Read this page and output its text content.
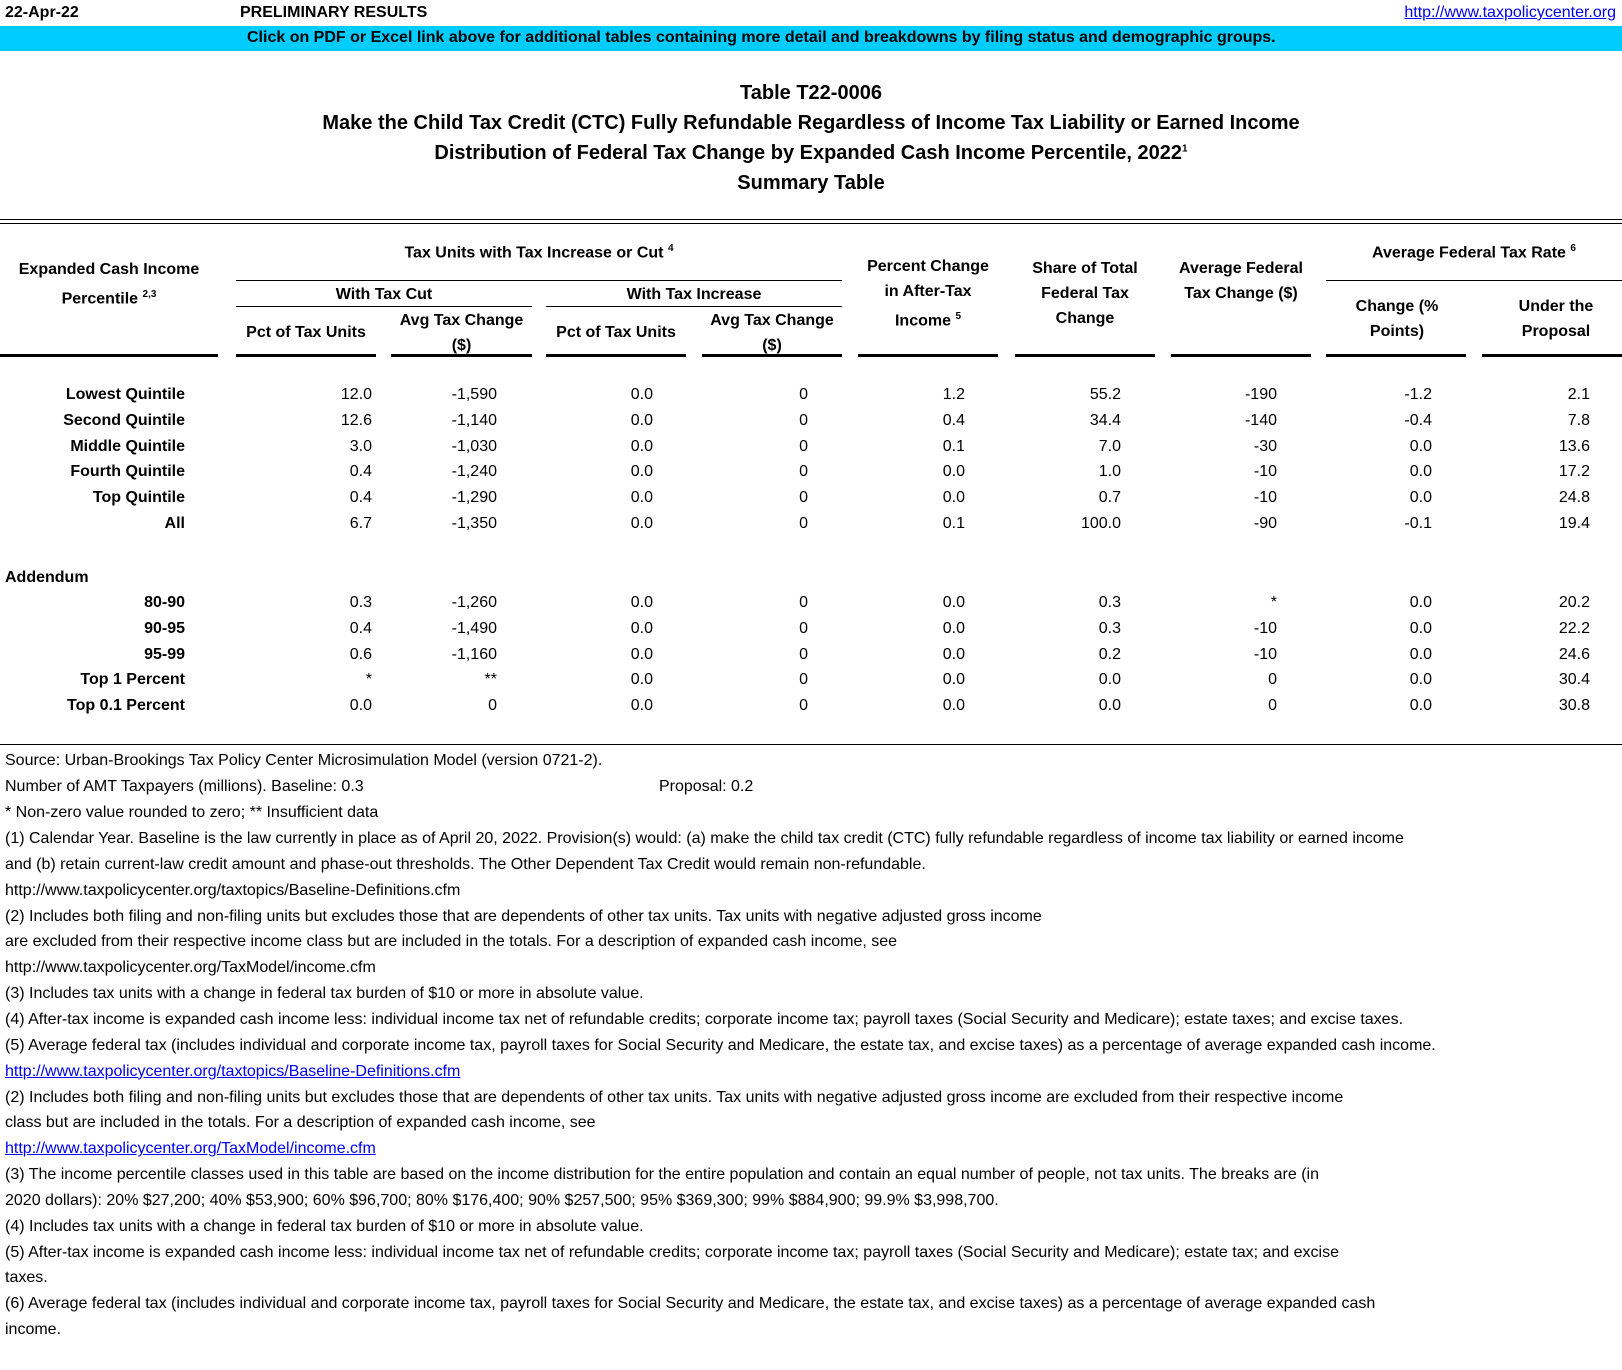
22-Apr-22	PRELIMINARY RESULTS	http://www.taxpolicycenter.org
Click on PDF or Excel link above for additional tables containing more detail and breakdowns by filing status and demographic groups.
Table T22-0006
Make the Child Tax Credit (CTC) Fully Refundable Regardless of Income Tax Liability or Earned Income
Distribution of Federal Tax Change by Expanded Cash Income Percentile, 2022$^1$
Summary Table
Expanded Cash Income Percentile $^{2,3}$
Tax Units with Tax Increase or Cut $^4$
With Tax Cut	With Tax Increase
Pct of Tax Units
Avg Tax Change ($)
Pct of Tax Units
Avg Tax Change ($)
Percent Change in After-Tax Income $^5$
Share of Total Federal Tax Change
Average Federal Tax Change ($)
Average Federal Tax Rate $^6$
Change (% Points)
Under the Proposal
Lowest Quintile	12.0	-1,590	0.0	0	1.2	55.2	-190	-1.2	2.1
Second Quintile	12.6	-1,140	0.0	0	0.4	34.4	-140	-0.4	7.8
Middle Quintile	3.0	-1,030	0.0	0	0.1	7.0	-30	0.0	13.6
Fourth Quintile	0.4	-1,240	0.0	0	0.0	1.0	-10	0.0	17.2
Top Quintile	0.4	-1,290	0.0	0	0.0	0.7	-10	0.0	24.8
All	6.7	-1,350	0.0	0	0.1	100.0	-90	-0.1	19.4
80-90	0.3	-1,260	0.0	0	0.0	0.3	*	0.0	20.2
90-95	0.4	-1,490	0.0	0	0.0	0.3	-10	0.0	22.2
95-99	0.6	-1,160	0.0	0	0.0	0.2	-10	0.0	24.6
Top 1 Percent	*	**	0.0	0	0.0	0.0	0	0.0	30.4
Top 0.1 Percent	0.0	0	0.0	0	0.0	0.0	0	0.0	30.8
Addendum
Source: Urban-Brookings Tax Policy Center Microsimulation Model (version 0721-2).
Number of AMT Taxpayers (millions). Baseline: 0.3	Proposal: 0.2
* Non-zero value rounded to zero; ** Insufficient data
(1) Calendar Year. Baseline is the law currently in place as of April 20, 2022. Provision(s) would: (a) make the child tax credit (CTC) fully refundable regardless of income tax liability or earned income
and (b) retain current-law credit amount and phase-out thresholds. The Other Dependent Tax Credit would remain non-refundable.
http://www.taxpolicycenter.org/taxtopics/Baseline-Definitions.cfm
(2) Includes both filing and non-filing units but excludes those that are dependents of other tax units. Tax units with negative adjusted gross income
are excluded from their respective income class but are included in the totals. For a description of expanded cash income, see
http://www.taxpolicycenter.org/TaxModel/income.cfm
(3) Includes tax units with a change in federal tax burden of $10 or more in absolute value.
(4) After-tax income is expanded cash income less: individual income tax net of refundable credits; corporate income tax; payroll taxes (Social Security and Medicare); estate taxes; and excise taxes.
(5) Average federal tax (includes individual and corporate income tax, payroll taxes for Social Security and Medicare, the estate tax, and excise taxes) as a percentage of average expanded cash income.
http://www.taxpolicycenter.org/taxtopics/Baseline-Definitions.cfm
(2) Includes both filing and non-filing units but excludes those that are dependents of other tax units. Tax units with negative adjusted gross income are excluded from their respective income
class but are included in the totals. For a description of expanded cash income, see
http://www.taxpolicycenter.org/TaxModel/income.cfm
(3) The income percentile classes used in this table are based on the income distribution for the entire population and contain an equal number of people, not tax units. The breaks are (in
2020 dollars): 20% $27,200; 40% $53,900; 60% $96,700; 80% $176,400; 90% $257,500; 95% $369,300; 99% $884,900; 99.9% $3,998,700.
(4) Includes tax units with a change in federal tax burden of $10 or more in absolute value.
(5) After-tax income is expanded cash income less: individual income tax net of refundable credits; corporate income tax; payroll taxes (Social Security and Medicare); estate tax; and excise
taxes.
(6) Average federal tax (includes individual and corporate income tax, payroll taxes for Social Security and Medicare, the estate tax, and excise taxes) as a percentage of average expanded cash
income.
